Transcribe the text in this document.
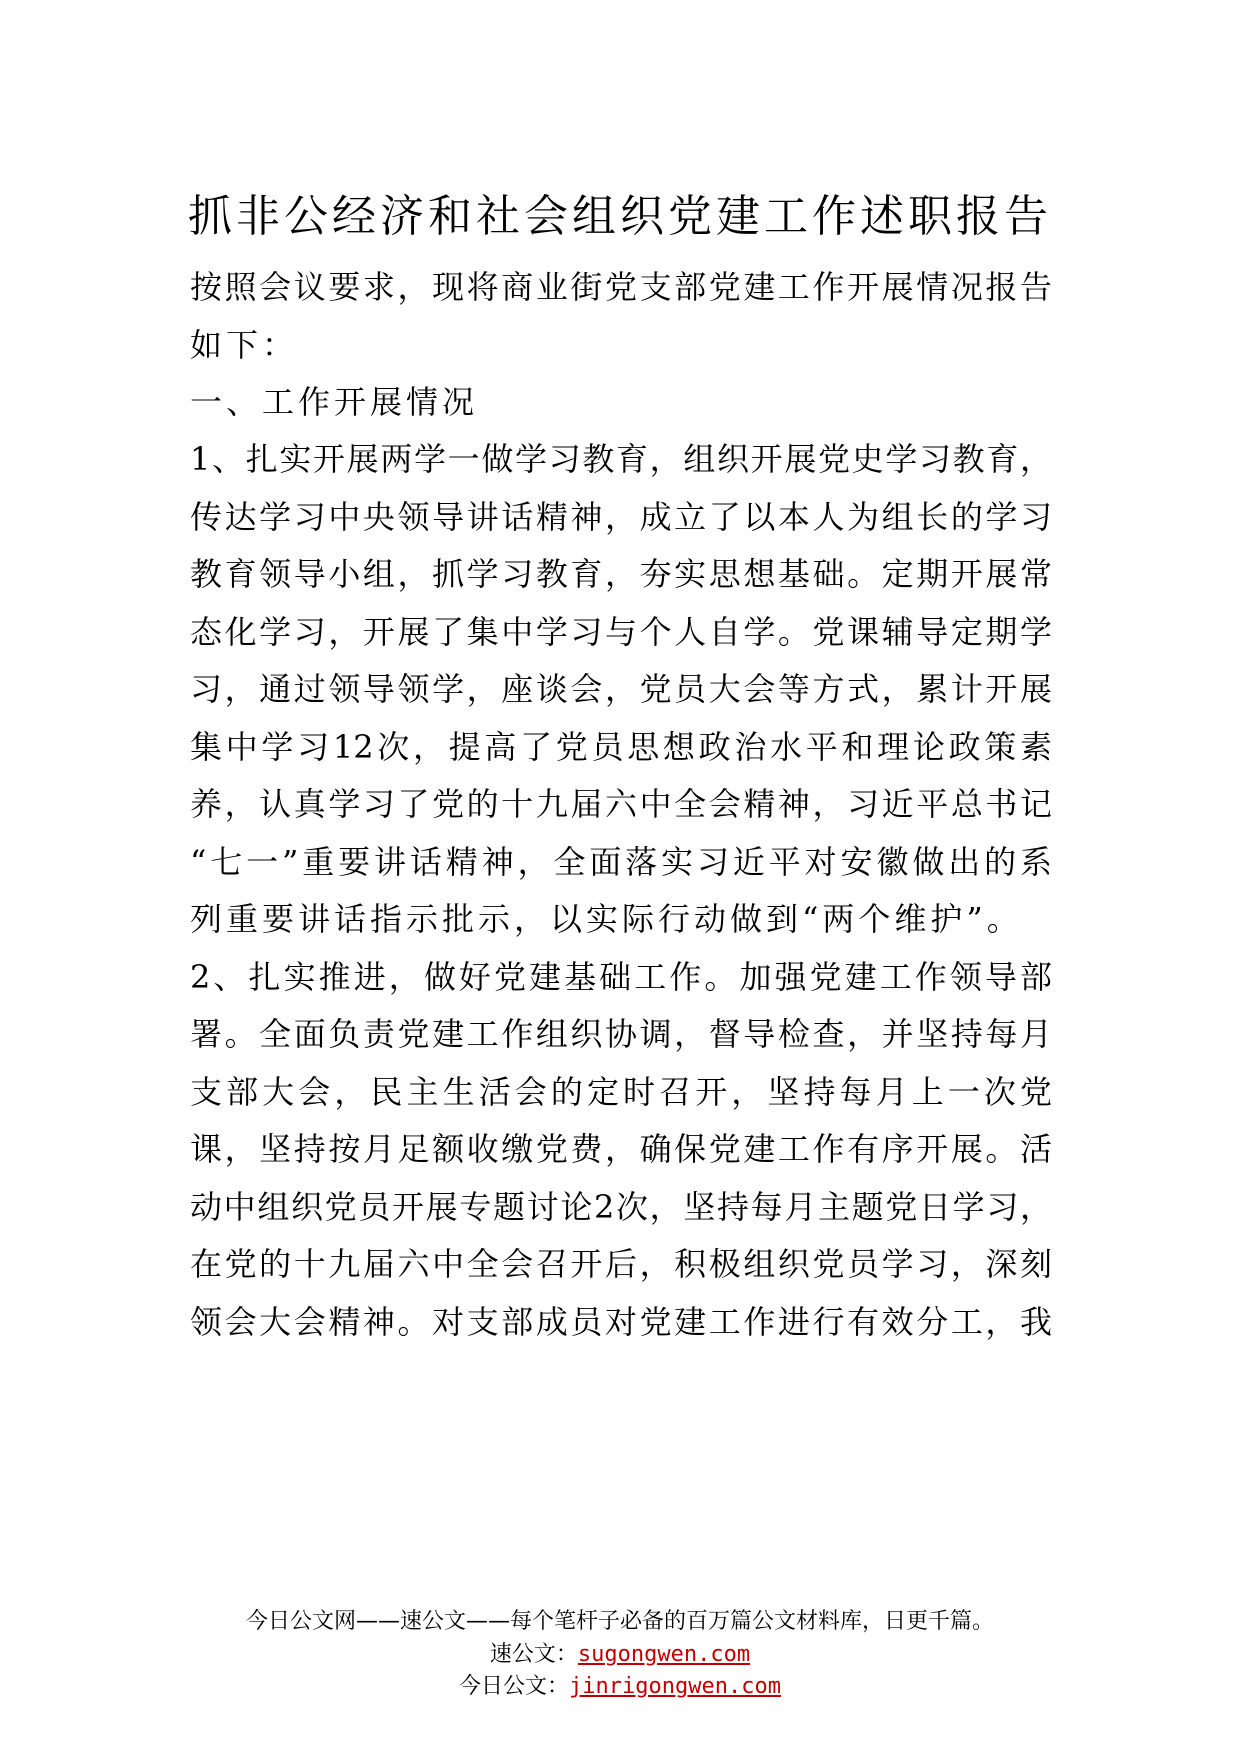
抓非公经济和社会组织党建工作述职报告
按照会议要求，现将商业街党支部党建工作开展情况报告
如下：
一、工作开展情况
1、扎实开展两学一做学习教育，组织开展党史学习教育，
传达学习中央领导讲话精神，成立了以本人为组长的学习
教育领导小组，抓学习教育，夯实思想基础。定期开展常
态化学习，开展了集中学习与个人自学。党课辅导定期学
习，通过领导领学，座谈会，党员大会等方式，累计开展
集中学习12次，提高了党员思想政治水平和理论政策素
养，认真学习了党的十九届六中全会精神，习近平总书记
“七一”重要讲话精神，全面落实习近平对安徽做出的系
列重要讲话指示批示，以实际行动做到“两个维护”。
2、扎实推进，做好党建基础工作。加强党建工作领导部
署。全面负责党建工作组织协调，督导检查，并坚持每月
支部大会，民主生活会的定时召开，坚持每月上一次党
课，坚持按月足额收缴党费，确保党建工作有序开展。活
动中组织党员开展专题讨论2次，坚持每月主题党日学习，
在党的十九届六中全会召开后，积极组织党员学习，深刻
领会大会精神。对支部成员对党建工作进行有效分工，我
今日公文网——速公文——每个笔杆子必备的百万篇公文材料库，日更千篇。
速公文：sugongwen.com
今日公文：jinrigongwen.com
